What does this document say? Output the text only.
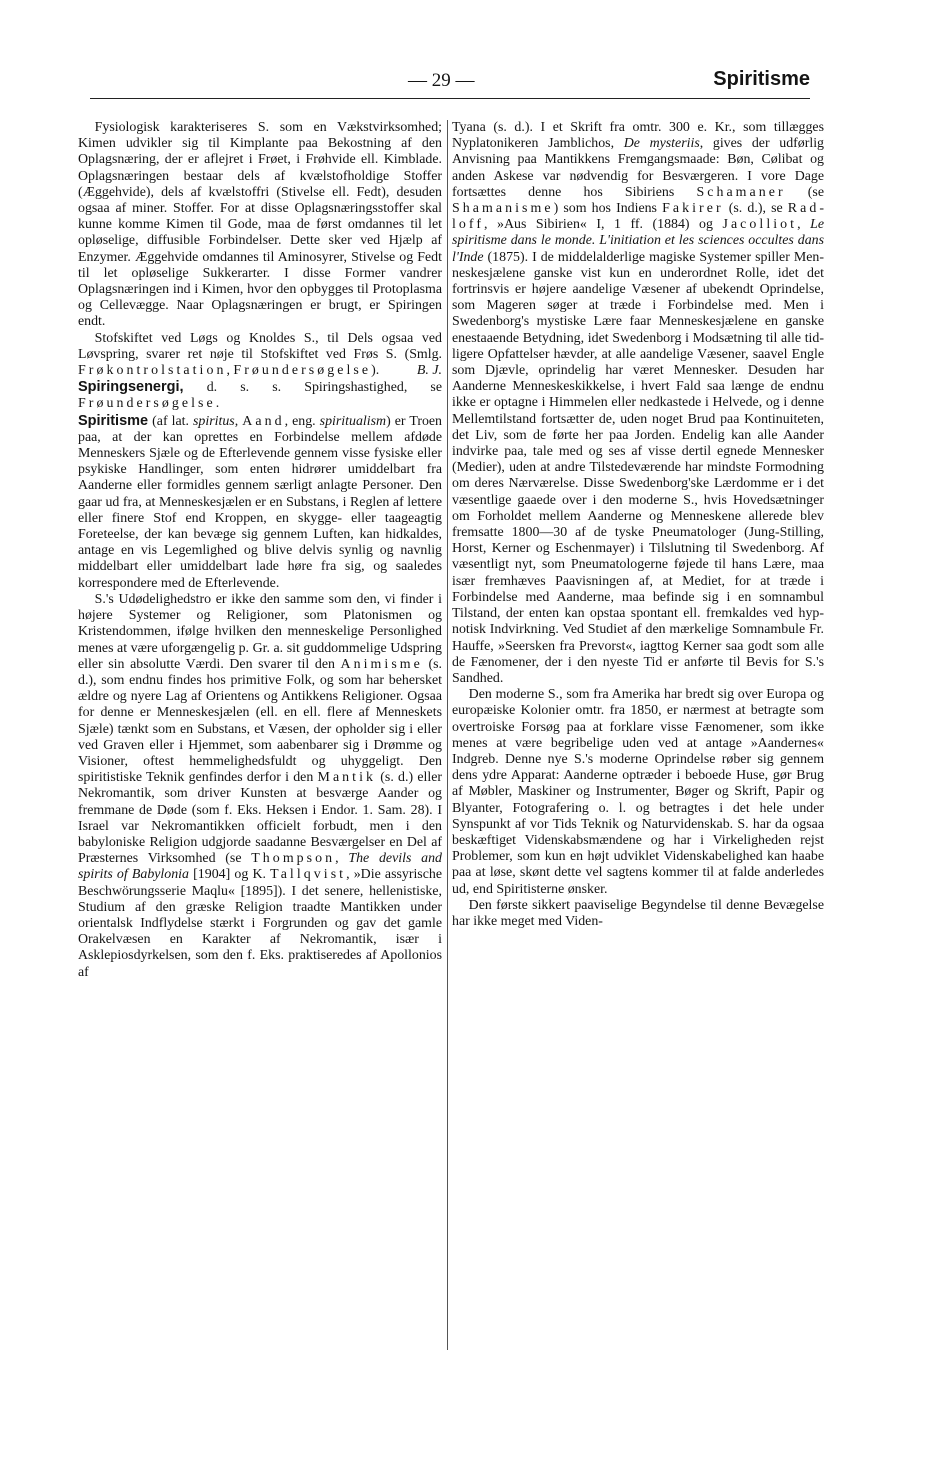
— 29 —	Spiritisme

Fysiologisk karakteriseres S. som en Vækstvirksomhed; Kimen udvikler sig til Kimplante paa Bekostning af den Oplagsnæring, der er aflejret i Frøet, i Frøhvide ell. Kimblade. Oplagsnæringen bestaar dels af kvælstofholdige Stoffer (Æggehvide), dels af kvælstoffri (Stivelse ell. Fedt), desuden ogsaa af miner. Stoffer. For at disse Oplagsnæringsstoffer skal kunne komme Kimen til Gode, maa de først omdannes til let opløselige, diffusible Forbindelser. Dette sker ved Hjælp af Enzymer. Æggehvide omdannes til Aminosyrer, Stivelse og Fedt til let opløselige Sukkerarter. I disse Former vandrer Oplagsnæringen ind i Kimen, hvor den opbygges til Protoplasma og Cellevægge. Naar Oplagsnæringen er brugt, er Spiringen endt.

Stofskiftet ved Løgs og Knoldes S., til Dels ogsaa ved Løvspring, svarer ret nøje til Stofskiftet ved Frøs S. (Smlg. Frøkontrolstation, Frøundersøgelse).	B. J.

Spiringsenergi, d. s. s. Spiringshastighed, se Frøundersøgelse.

Spiritisme (af lat. spiritus, Aand, eng. spiritualism) er Troen paa, at der kan oprettes en Forbindelse mellem afdøde Menneskers Sjæle og de Efterlevende gennem visse fysiske eller psykiske Handlinger, som enten hidrører umiddelbart fra Aanderne eller formidles gennem særligt anlagte Personer. Den gaar ud fra, at Menneskesjælen er en Substans, i Reglen af lettere eller finere Stof end Kroppen, en skygge- eller taageagtig Foreteelse, der kan bevæge sig gennem Luften, kan hidkaldes, antage en vis Legemlighed og blive delvis synlig og navnlig middelbart eller umiddelbart lade høre fra sig, og saaledes korrespondere med de Efterlevende.

S.'s Udødelighedstro er ikke den samme som den, vi finder i højere Systemer og Religioner, som Platonismen og Kristendommen, ifølge hvilken den menneskelige Personlighed menes at være uforgængelig p. Gr. a. sit guddommelige Udspring eller sin absolutte Værdi. Den svarer til den Animisme (s. d.), som endnu findes hos primitive Folk, og som har behersket ældre og nyere Lag af Orientens og Antikkens Religioner. Ogsaa for denne er Menneskesjælen (ell. en ell. flere af Menneskets Sjæle) tænkt som en Substans, et Væsen, der opholder sig i eller ved Graven eller i Hjemmet, som aabenbarer sig i Drømme og Visioner, oftest hemmelighedsfuldt og uhyggeligt. Den spiritistiske Teknik genfindes derfor i den Mantik (s. d.) eller Nekromantik, som driver Kunsten at besværge Aander og fremmane de Døde (som f. Eks. Heksen i Endor. 1. Sam. 28). I Israel var Nekromantikken officielt forbudt, men i den babyloniske Religion udgjorde saadanne Besværgelser en Del af Præsternes Virksomhed (se Thompson, The devils and spirits of Babylonia [1904] og K. Tallqvist, »Die assyrische Beschwörungsserie Maqlu« [1895]). I det senere, hellenistiske, Studium af den græske Religion traadte Mantikken under orientalsk Indflydelse stærkt i Forgrunden og gav det gamle Orakelvæsen en Karakter af Nekromantik, især i Asklepiosdyrkelsen, som den f. Eks. praktiseredes af Apollonios af

Tyana (s. d.). I et Skrift fra omtr. 300 e. Kr., som tillægges Nyplatonikeren Jamblichos, De mysteriis, gives der udførlig Anvisning paa Mantikkens Fremgangsmaade: Bøn, Cølibat og anden Askese var nødvendig for Besværgeren. I vore Dage fortsættes denne hos Sibiriens Schamaner (se Shamanisme) som hos Indiens Fakirer (s. d.), se Radloff, »Aus Sibirien« I, 1 ff. (1884) og Jacolliot, Le spiritisme dans le monde. L'initiation et les sciences occultes dans l'Inde (1875). I de middelalderlige magiske Systemer spiller Menneskesjælene ganske vist kun en underordnet Rolle, idet det fortrinsvis er højere aandelige Væsener af ubekendt Oprindelse, som Mageren søger at træde i Forbindelse med. Men i Swedenborg's mystiske Lære faar Menneskesjælene en ganske enestaaende Betydning, idet Swedenborg i Modsætning til alle tidligere Opfattelser hævder, at alle aandelige Væsener, saavel Engle som Djævle, oprindelig har været Mennesker. Desuden har Aanderne Menneskeskikkelse, i hvert Fald saa længe de endnu ikke er optagne i Himmelen eller nedkastede i Helvede, og i denne Mellemtilstand fortsætter de, uden noget Brud paa Kontinuiteten, det Liv, som de førte her paa Jorden. Endelig kan alle Aander indvirke paa, tale med og ses af visse dertil egnede Mennesker (Medier), uden at andre Tilstedeværende har mindste Formodning om deres Nærværelse. Disse Swedenborg'ske Lærdomme er i det væsentlige gaaede over i den moderne S., hvis Hovedsætninger om Forholdet mellem Aanderne og Menneskene allerede blev fremsatte 1800—30 af de tyske Pneumatologer (Jung-Stilling, Horst, Kerner og Eschenmayer) i Tilslutning til Swedenborg. Af væsentligt nyt, som Pneumatologerne føjede til hans Lære, maa især fremhæves Paavisningen af, at Mediet, for at træde i Forbindelse med Aanderne, maa befinde sig i en somnambul Tilstand, der enten kan opstaa spontant ell. fremkaldes ved hypnotisk Indvirkning. Ved Studiet af den mærkelige Somnambule Fr. Hauffe, »Seersken fra Prevorst«, iagttog Kerner saa godt som alle de Fænomener, der i den nyeste Tid er anførte til Bevis for S.'s Sandhed.

Den moderne S., som fra Amerika har bredt sig over Europa og europæiske Kolonier omtr. fra 1850, er nærmest at betragte som overtroiske Forsøg paa at forklare visse Fænomener, som ikke menes at være begribelige uden ved at antage »Aandernes« Indgreb. Denne nye S.'s moderne Oprindelse røber sig gennem dens ydre Apparat: Aanderne optræder i beboede Huse, gør Brug af Møbler, Maskiner og Instrumenter, Bøger og Skrift, Papir og Blyanter, Fotografering o. l. og betragtes i det hele under Synspunkt af vor Tids Teknik og Naturvidenskab. S. har da ogsaa beskæftiget Videnskabsmændene og har i Virkeligheden rejst Problemer, som kun en højt udviklet Videnskabelighed kan haabe paa at løse, skønt dette vel sagtens kommer til at falde anderledes ud, end Spiritisterne ønsker.

Den første sikkert paaviselige Begyndelse til denne Bevægelse har ikke meget med Viden-
